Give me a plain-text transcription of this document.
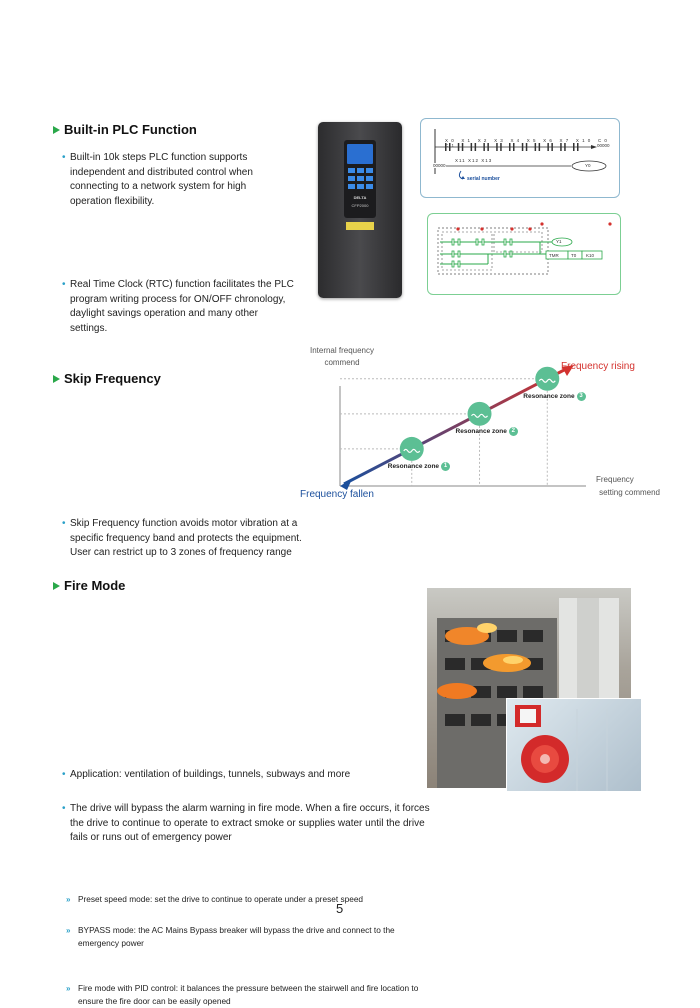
Built-in PLC Function
• Built-in 10k steps PLC function supports independent and distributed control when connecting to a network system for high operation flexibility.
• Real Time Clock (RTC) function facilitates the PLC program writing process for ON/OFF chronology, daylight savings operation and many other settings.
DELTA
CFP2000
X0 X1 X2 X3 X4 X5 X6 X7 X10 C0 C1	00000
X11 X12 X13
00000	Y0
serial number
Y1
TMR	T0 K10
Skip Frequency
• Skip Frequency function avoids motor vibration at a specific frequency band and protects the equipment. User can restrict up to 3 zones of frequency range
Internal frequency
commend	Frequency rising
Frequency fallen
Frequency
setting commend
Resonance zone 1
Resonance zone 2
Resonance zone 3
Fire Mode
• Application: ventilation of buildings, tunnels, subways and more
• The drive will bypass the alarm warning in fire mode. When a fire occurs, it forces the drive to continue to operate to extract smoke or supplies water until the drive fails or runs out of emergency power
» Preset speed mode: set the drive to continue to operate under a preset speed
» BYPASS mode: the AC Mains Bypass breaker will bypass the drive and connect to the emergency power
» Fire mode with PID control: it balances the pressure between the stairwell and fire location to ensure the fire door can be easily opened
5
